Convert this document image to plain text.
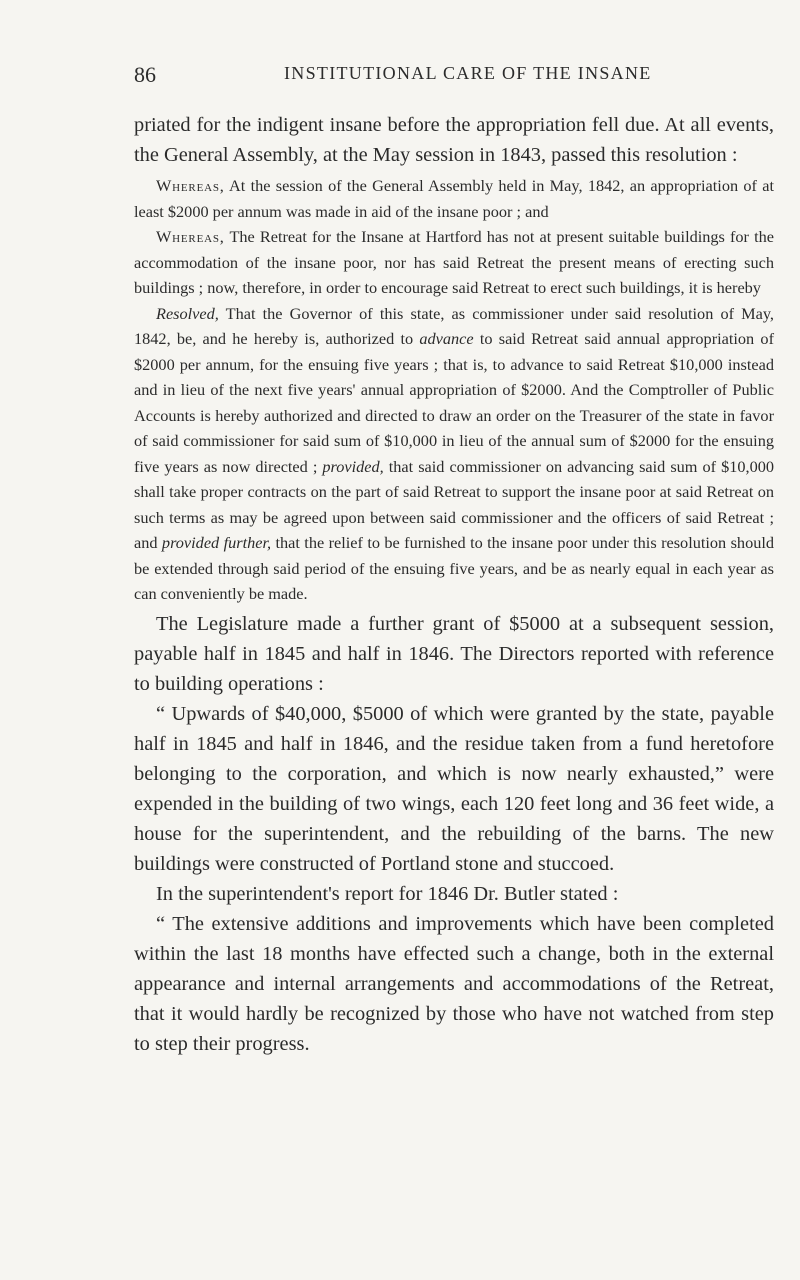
86	INSTITUTIONAL CARE OF THE INSANE

priated for the indigent insane before the appropriation fell due. At all events, the General Assembly, at the May session in 1843, passed this resolution :

Whereas, At the session of the General Assembly held in May, 1842, an appropriation of at least $2000 per annum was made in aid of the insane poor ; and

Whereas, The Retreat for the Insane at Hartford has not at present suitable buildings for the accommodation of the insane poor, nor has said Retreat the present means of erecting such buildings ; now, therefore, in order to encourage said Retreat to erect such buildings, it is hereby

Resolved, That the Governor of this state, as commissioner under said resolution of May, 1842, be, and he hereby is, authorized to advance to said Retreat said annual appropriation of $2000 per annum, for the ensuing five years ; that is, to advance to said Retreat $10,000 instead and in lieu of the next five years' annual appropriation of $2000. And the Comptroller of Public Accounts is hereby authorized and directed to draw an order on the Treasurer of the state in favor of said commissioner for said sum of $10,000 in lieu of the annual sum of $2000 for the ensuing five years as now directed ; provided, that said commissioner on advancing said sum of $10,000 shall take proper contracts on the part of said Retreat to support the insane poor at said Retreat on such terms as may be agreed upon between said commissioner and the officers of said Retreat ; and provided further, that the relief to be furnished to the insane poor under this resolution should be extended through said period of the ensuing five years, and be as nearly equal in each year as can conveniently be made.

The Legislature made a further grant of $5000 at a subsequent session, payable half in 1845 and half in 1846. The Directors reported with reference to building operations :

“ Upwards of $40,000, $5000 of which were granted by the state, payable half in 1845 and half in 1846, and the residue taken from a fund heretofore belonging to the corporation, and which is now nearly exhausted,” were expended in the building of two wings, each 120 feet long and 36 feet wide, a house for the superintendent, and the rebuilding of the barns. The new buildings were constructed of Portland stone and stuccoed.

In the superintendent's report for 1846 Dr. Butler stated :

“ The extensive additions and improvements which have been completed within the last 18 months have effected such a change, both in the external appearance and internal arrangements and accommodations of the Retreat, that it would hardly be recognized by those who have not watched from step to step their progress.
